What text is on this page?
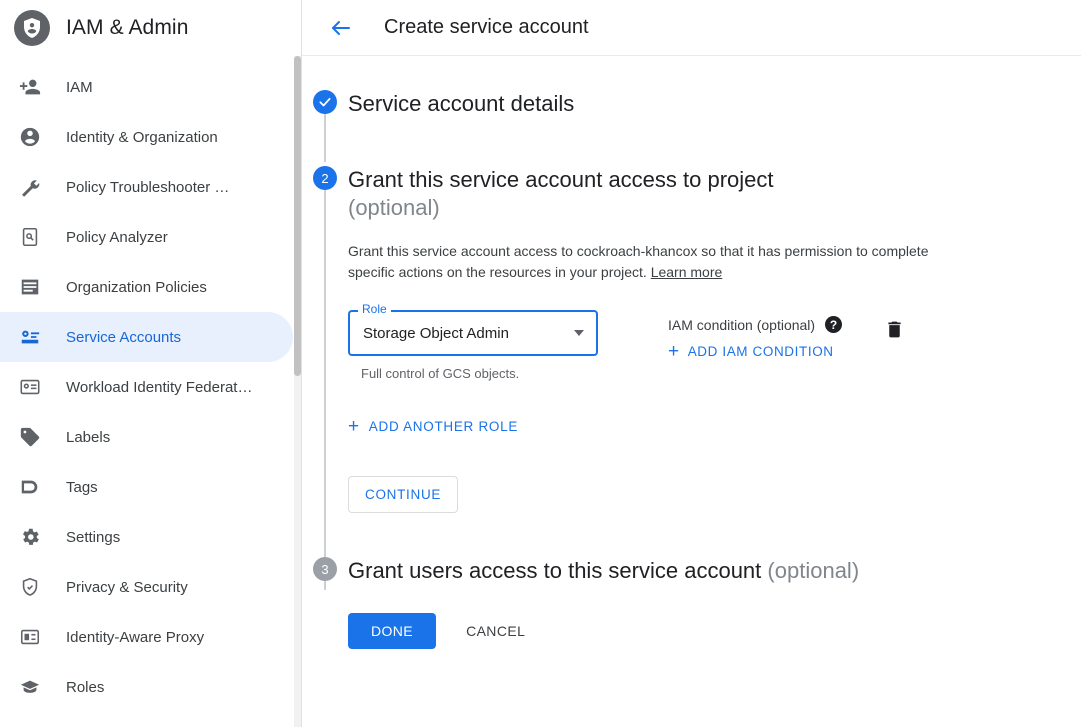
IAM & Admin
IAM
Identity & Organization
Policy Troubleshooter …
Policy Analyzer
Organization Policies
Service Accounts
Workload Identity Federat…
Labels
Tags
Settings
Privacy & Security
Identity-Aware Proxy
Roles
Create service account
Service account details
2 Grant this service account access to project
(optional)
Grant this service account access to cockroach-khancox so that it has permission to complete specific actions on the resources in your project. Learn more
Storage Object Admin
Role
Full control of GCS objects.
IAM condition (optional)	?
+ ADD IAM CONDITION
+ ADD ANOTHER ROLE
CONTINUE
3 Grant users access to this service account (optional)
DONE	CANCEL
